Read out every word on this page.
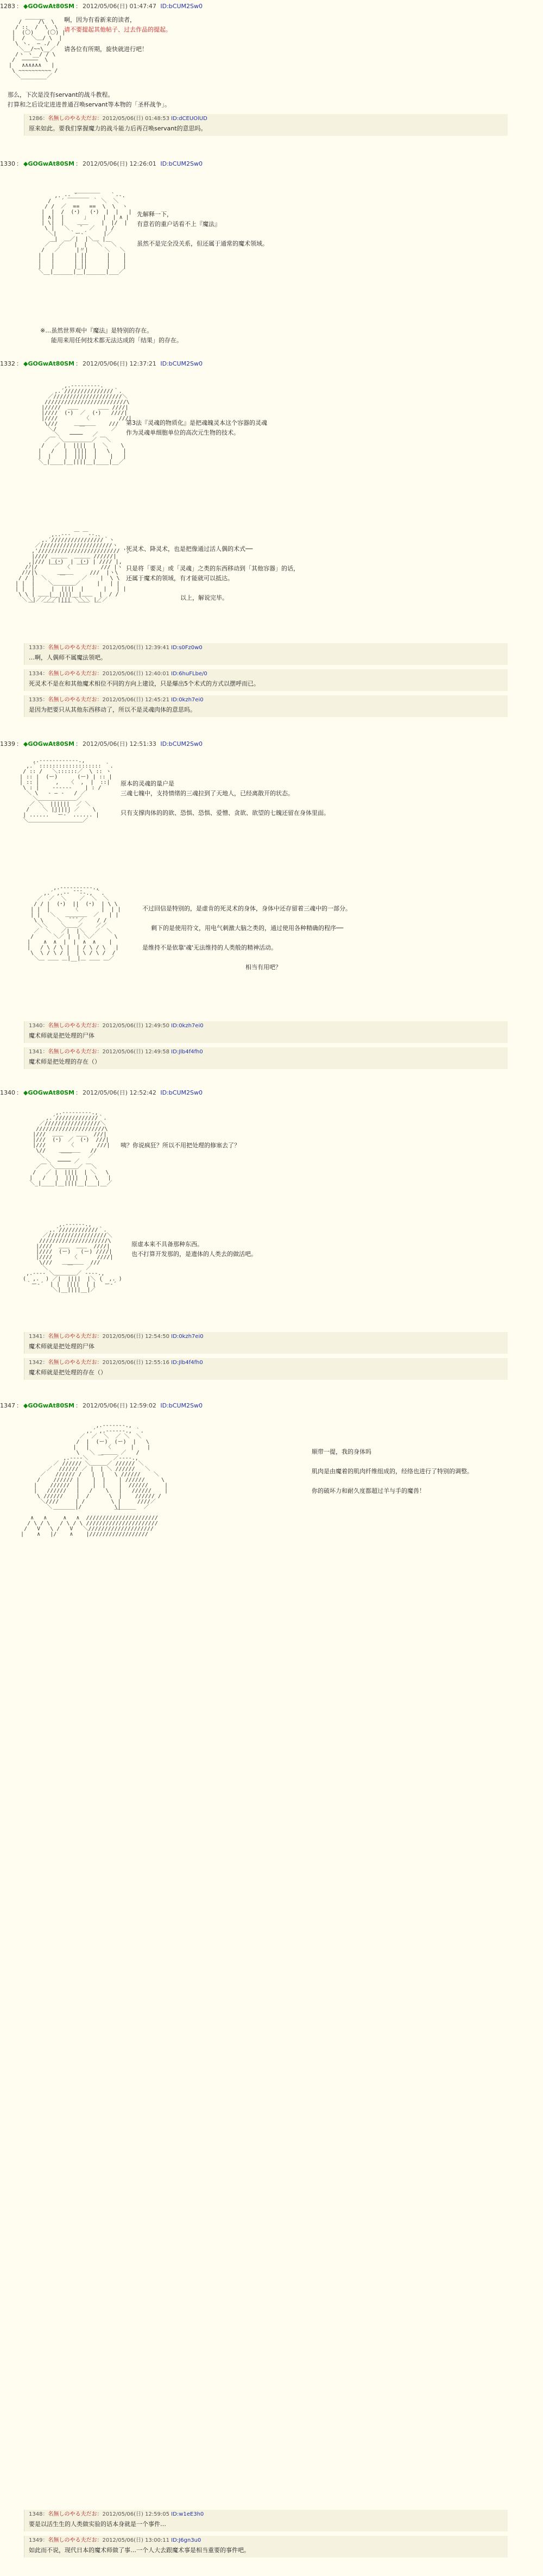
1283 ： ◆GOGwAt80SM ： 2012/05/06(日) 01:47:47 ID:bCUM2Sw0
______
/     /\  \
/ ::  /  \  \
|  (〇)    (〇) |
|  /  ＼＿/ \  |
\ ヽ.  ― ./  /
＼__/~~\__／
/ヽ ヽ__/ / \
/  ―――――  \
|   ∧∧∧∧∧∧   |
\ ~~~~~~~~~~ /
＼________／
啊，因为有看新来的读者，
请不要提起其他帖子、过去作品的提起。

请各位有所期，旋快就进行吧！
那么，下次是没有servant的战斗教程。
打算和之后设定进进普通召唤servant等本物的「圣杯战争」。
1286：名無しのやる夫だお：2012/05/06(日) 01:48:53 ID:dCEUOlUD
原来如此。要我们掌握魔力的战斗能力后再召唤servant的意思吗。
1330 ： ◆GOGwAt80SM ： 2012/05/06(日) 12:26:01 ID:bCUM2Sw0
________
,. -‐ ´          ｀‐-.
/   ´ ￣￣￣￣ ｀ ＼  ＼
/ /  ／  ==   ==  \  \  ヽ
|  |  /  (･)   (･)  |  |   |
| ∧|  |      ｣     |  | ∧ |
| \|  |    ＿＿    |  |/  |
\ |   ＼   ̄   ／   | /
＼|    ｀ー‐´     |／
|  ＿／|  |＼＿ |
／￣ ／   |  |   ＼ ￣＼
/   ／     |〃|     ＼   ＼
|   |      | ||      |    |
|   |      | ||      |    |
|   |      |_||      |    |
＼__|______|__|______|___／
先解释一下，
有意若的重户话看不上『魔法』

虽然不是完全没关系，但还属于通常的魔术领域。
※…虽然世界观中『魔法』是特别的存在。
能用来用任何技术都无法达成的「结果」的存在。
1332 ： ◆GOGwAt80SM ： 2012/05/06(日) 12:37:21 ID:bCUM2Sw0
,.-‐‐‐‐‐‐‐-.
,.´///////////////｀.
／/////////////////////＼
/////////////////////////\
|/////  ＿＿      ＿＿ ////|
|////  (･)  ／  (･)   ////|
|////        〈         ///|
\///     ＿＿＿＿    ///
＼/       ￣        ／
＼   ────   ／
／￣ ＼＿＿＿＿＿／ ￣＼
/   ／ |  ||||  |  ＼    \
|   /   |  ||||  |   \    |
|  |    |  ||||  |    |   |
＼_|____|__||||__|____|__／
第3法『灵魂的物质化』是把魂魄灵本这个容器的灵魂
作为灵魂单细胞单位的高次元生物的技术。
,..-‐‐ ￣ ￣‐-.、
,.´////////////////｀ヽ
／//////////////////////ヽ
,'///////////////////////// ',
|//// ＿＿＿  ＿＿＿ //////|
,|/// | (･)  |  (･) | //// |,
/ﾉ|/    ￣￣ 〈  ￣￣    /// |ヽ
/ﾉ/|\      ＿＿＿     ///  |ヽ\
/ / |  ＼    ￣     ／    |  \ \
| |  |    ＼＿＿＿＿／     |   | |
| |  |     |  ||||  |      |   | |
\ \ | ＿＿|__||||__|＿＿  |  / /
＼＼|／／／／|||| ＼＼＼ |／／
￣   ￣￣  ￣￣  ￣￣  ￣
死灵术、降灵术，也是把像通过活人偶的术式──

只是将「要灵」或「灵魂」之类的东西移动到「其他容器」的话，
还属于魔术的领域，有才能就可以抵达。

以上，解说完毕。
1333：名無しのやる夫だお：2012/05/06(日) 12:39:41 ID:s0Fz0w0
…啊，人偶师不属魔法领吧。
1334：名無しのやる夫だお：2012/05/06(日) 12:40:01 ID:6huFLbe/0
死灵术不是在和其他魔术相位不同的方向上建设，只是爆出5个术式的方式以摆呼而已。
1335：名無しのやる夫だお：2012/05/06(日) 12:45:21 ID:0kzh7ei0
是因为把要只从其他东西移动了，所以不是灵魂肉体的意思吗。
1339 ： ◆GOGwAt80SM ： 2012/05/06(日) 12:51:33 ID:bCUM2Sw0
,.-‐‐‐‐‐‐‐‐‐‐-.,
,.´ ::::::::::::::::::: ｀.
/ :: /   ＼::::::／  \ :: ヽ
| :: |  (ー)      (ー) | :: |
| :: |     ,   〈  ,  |  ::|
\ : |    ‐‐‐‐‐‐    | : /
＼ \   ‐ ― ‐   / ／
＼＿＿＿＿＿＿＿／
／ ＼  ||||||  ／ ＼
/    ＼ |||||| ／    \
| ...... ｀ー‐´ ...... |
＼＿＿＿＿＿＿＿＿＿＿／
原本的灵魂的量户是
三魂七魄中，支持情绪的三魂拉到了天地人，已经离散开的状态。

只有支撑肉体的的欲、恐惧、恐惧、爱憎、贪欲、欲望的七魄还留在身体里面。
,.-‐‐‐‐‐‐‐‐-.,
,.´ ,.-‐ ̄ ̄ ̄‐-., ｀.
／  ／  ＼    ／  ＼  ＼
/ / |  (･)  ||  (･)  | \ \
| |  |       〈       |  | |
| |   ＼   ＿＿＿＿  ／   | |
\ \    ＼  ̄ ̄ ̄ ／    / /
＼＼    ＼＿＿／    ／／
／  ＼   ／|  |＼   ／  ＼
/      ＼／ |  | ＼／      \
|    ∧  ∧  |  |  ∧  ∧    |
|   / \ / \ |  | / \ / \   |
\  \ / \ / |  | \ / \ /  /
＼＿ ＿＿ ＿|__|＿ ＿＿ ＿／
不过回信是特别的，是虚肯的死灵术的身体，身体中还存留着三魂中的一部分。

剩下的是使用符文，用电气刺激大脑之类的，通过使用各种精确的程序──

是维持不是依靠'魂'无法维持的人类般的精神活动。

相当有用吧？
1340：名無しのやる夫だお：2012/05/06(日) 12:49:50 ID:0kzh7ei0
魔术师就是把处理的尸体
1341：名無しのやる夫だお：2012/05/06(日) 12:49:58 ID:Jlb4f4fh0
魔术师是把处理的存在（）
1340 ： ◆GOGwAt80SM ： 2012/05/06(日) 12:52:42 ID:bCUM2Sw0
,.-‐‐‐‐‐‐‐-.,
,.´/////////////｀.
／/////////////////＼
/////////////////////\
|///  ＿＿    ＿＿  ///|
|///  (･)  ／  (･)  ///|
|///       〈       ///|
\//    ＿＿＿＿   //
＼     ￣￣     ／
＼  ──── ／
／￣ ＼＿＿＿＿／ ￣＼
/   ／ |  ||||  | ＼   \
|   /   |  ||||  |  \   |
＼_|____|__||||__|___|__／
咦？你说疯狂？所以不用把处理的修塞去了？
,.-‐‐‐‐-.,
,.´////////////｀.
／//////////////////＼
/////////////////////\
|////  ＿＿  ＿＿  ////|
|////  (ー)   (ー) ////|
|////      〈      ////|
\///   ＿＿＿＿  ///
＼      ￣    ／
,.-‐‐‐ ＼＿＿＿＿／ ‐‐‐-.,
(  ,.  ) ／|  ||||  |＼ (  ,. )
｀ー‐´  | |  ||||  | | ｀ー‐´
＼|__||||__|／
原虚本来不具备那种东西。
也不打算开发那的，是遗体的人类去的做活吧。
1341：名無しのやる夫だお：2012/05/06(日) 12:54:50 ID:0kzh7ei0
魔术师就是把处理的尸体
1342：名無しのやる夫だお：2012/05/06(日) 12:55:16 ID:Jlb4f4fh0
魔术师就是把处理的存在（）
1347 ： ◆GOGwAt80SM ： 2012/05/06(日) 12:59:02 ID:bCUM2Sw0
,.-‐‐‐‐‐-.,
,.´ ,.-‐‐‐‐-., ｀.
／  ／  ＼  ／ ＼  ＼
/  |  (ー)  (ー)  |   \
|   |     〈      |    |
\   ＼  ＿＿＿ ／   /
,.-‐‐‐＼   ￣   ／‐‐‐-.,
／ ////// ＼＿＿＿／ ////// ＼
／  ////// ／ |  | ＼ //////   ＼
／   ////// /   |  |   \ //////    ＼
/    ////// |    |  |    | //////     \
|    //////  |    |  |    |  //////     |
|   //////   |   /    \   |   //////    |
\ //////    |  /      \  |    ////// /
＼////     | /        \ |     ////／
＼       |/          \|       ／
￣￣￣￣            ￣￣￣￣
∧   ∧     ∧   ∧  //////////////////////
/ \ / \   / \ / \ //////////////////////
/   V   \ /   V   ＼////////////////////
|    ∧   |/    ∧    |//////////////////
顺带一提，我的身体吗

肌肉是由魔着的肌肉纤维组成的，经络也进行了特别的调整。

你的破坏力和耐久度都超过羊与手的魔兽！
1348：名無しのやる夫だお：2012/05/06(日) 12:59:05 ID:w1eE3h0
要是以活生生的人类做实验的话本身就是一个事件…
1349：名無しのやる夫だお：2012/05/06(日) 13:00:11 ID:J6gn3u0
如此而不说，现代日本的魔术师做了事…一个人大去跟魔术事是相当重要的事件吧。
